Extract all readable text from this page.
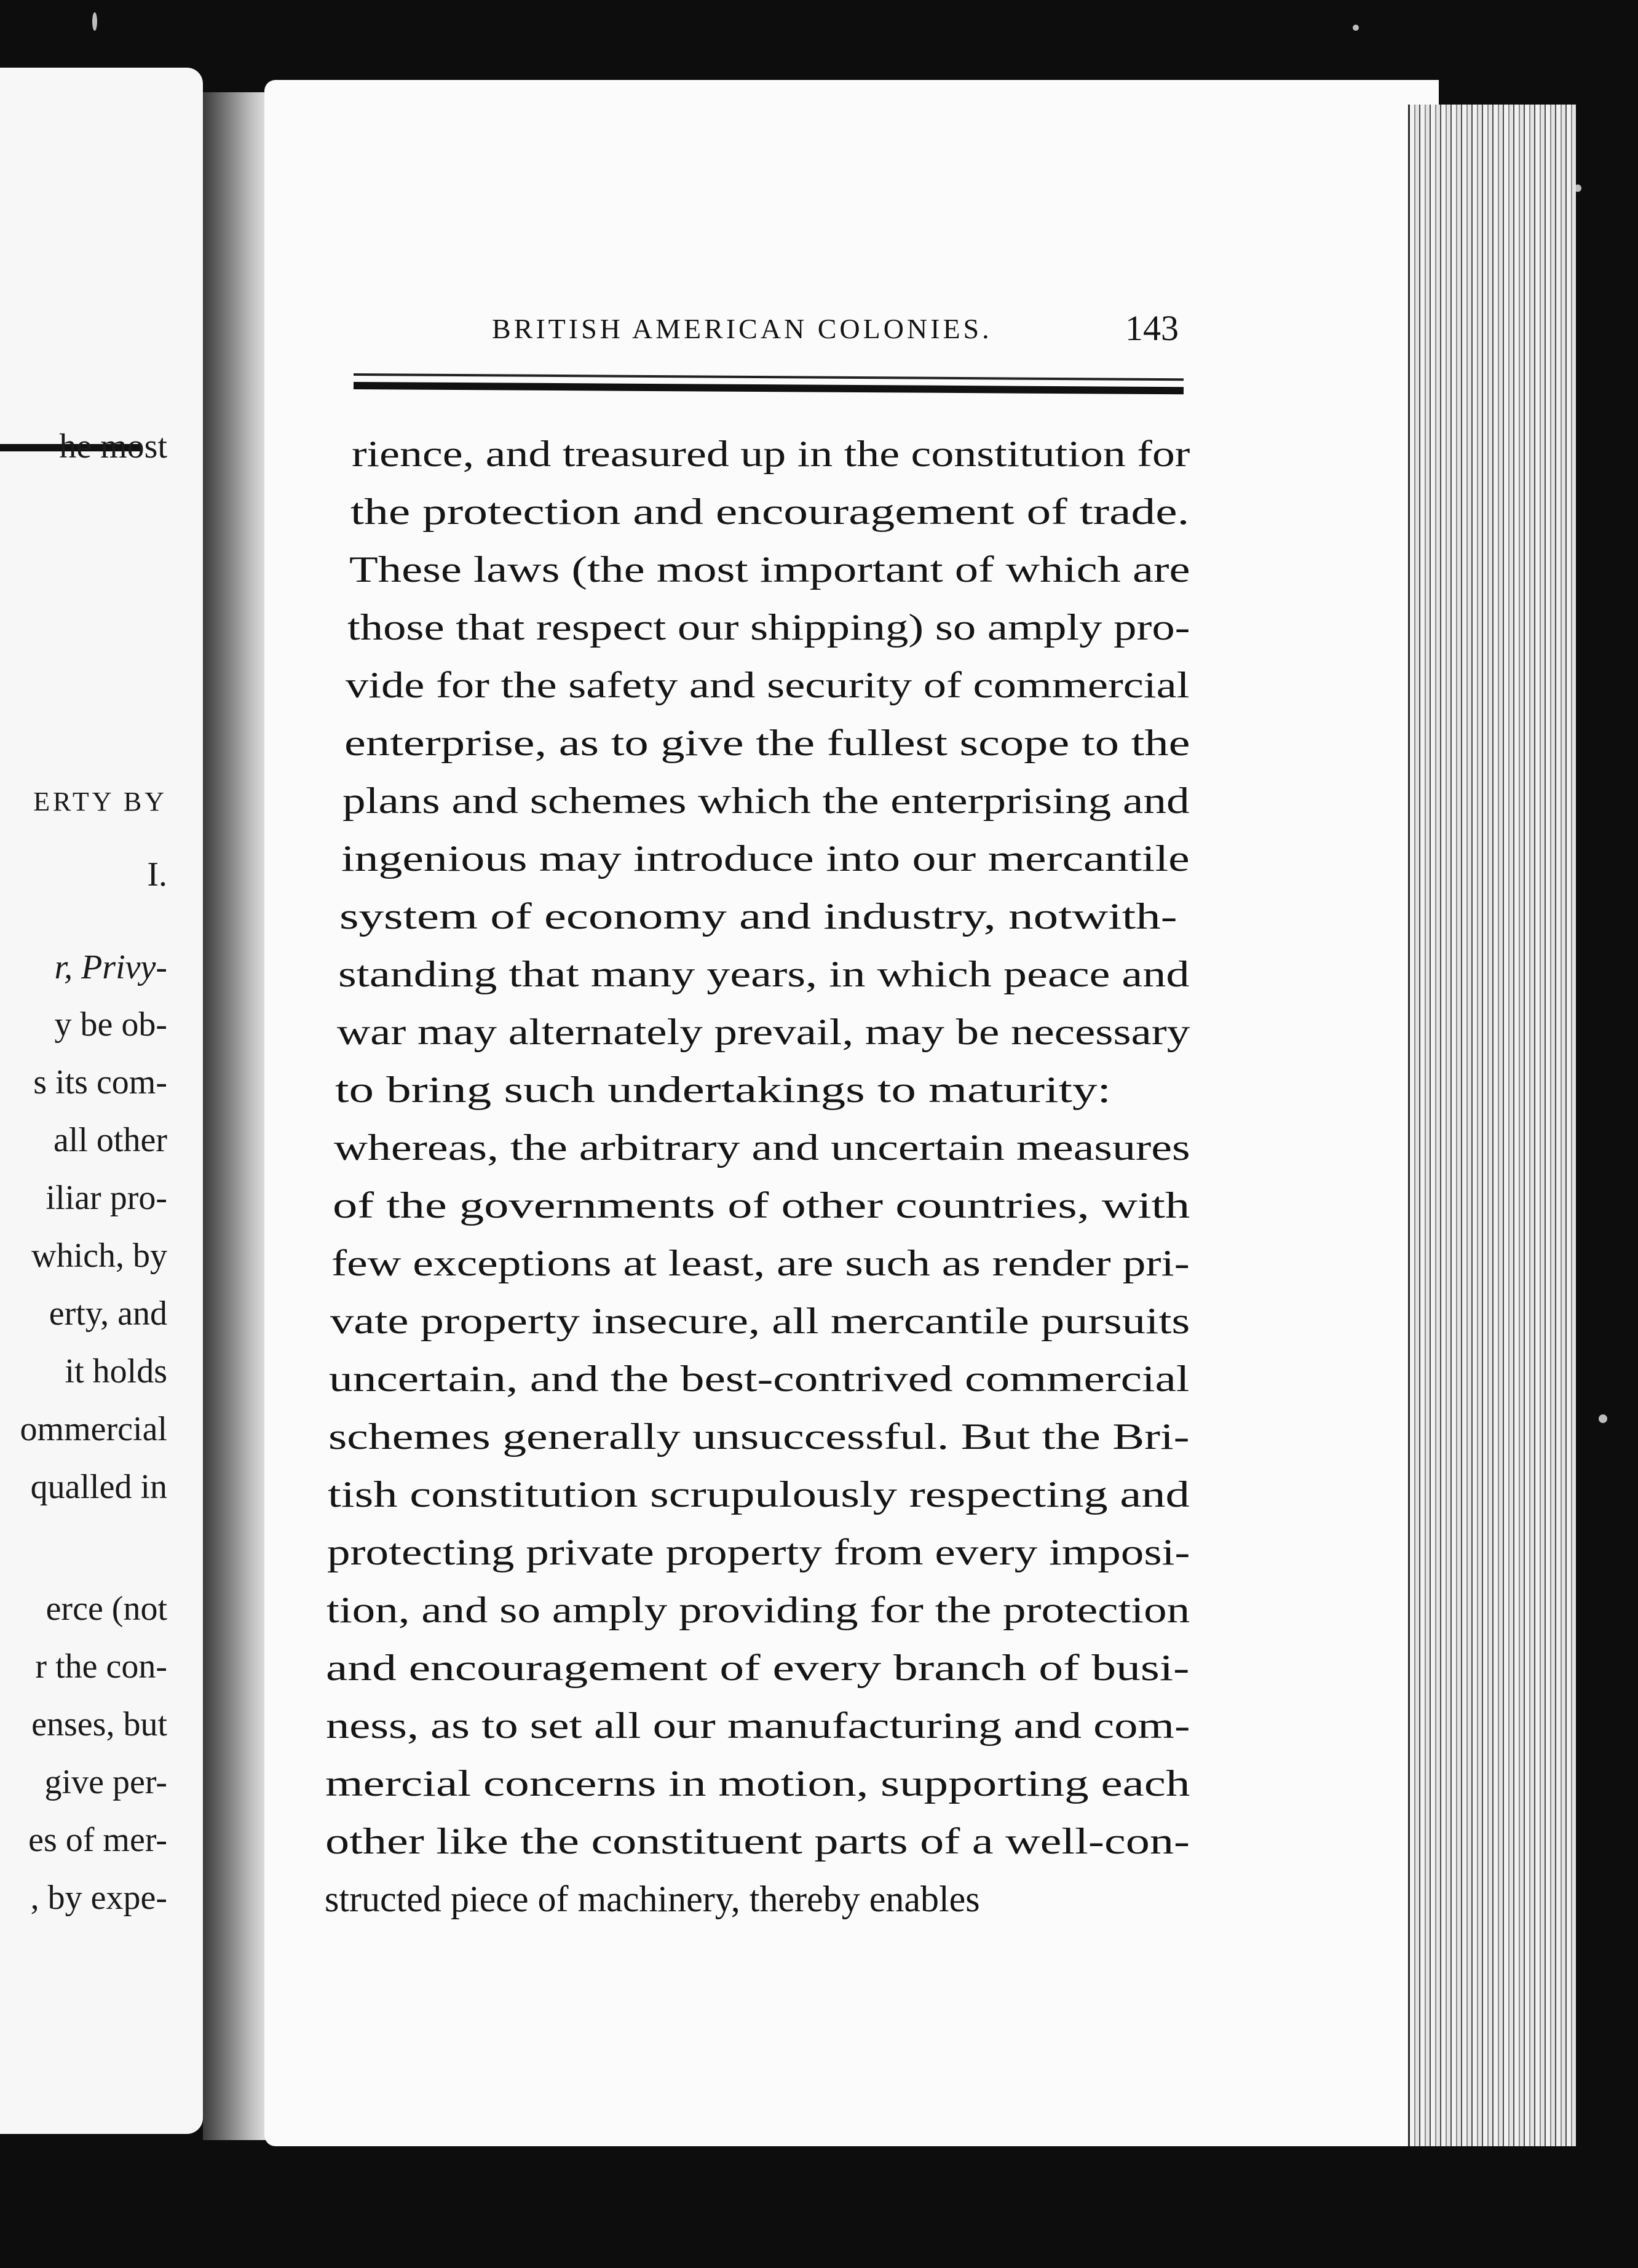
he most
ERTY BY
I.
r, Privy-
y be ob-
s its com-
all other
iliar pro-
which, by
erty, and
it holds
ommercial
qualled in
erce (not
r the con-
enses, but
give per-
es of mer-
, by expe-
BRITISH AMERICAN COLONIES.	143
rience, and treasured up in the constitution for
the protection and encouragement of trade.
These laws (the most important of which are
those that respect our shipping) so amply pro-
vide for the safety and security of commercial
enterprise, as to give the fullest scope to the
plans and schemes which the enterprising and
ingenious may introduce into our mercantile
system of economy and industry, notwith-
standing that many years, in which peace and
war may alternately prevail, may be necessary
to bring such undertakings to maturity:
whereas, the arbitrary and uncertain measures
of the governments of other countries, with
few exceptions at least, are such as render pri-
vate property insecure, all mercantile pursuits
uncertain, and the best-contrived commercial
schemes generally unsuccessful. But the Bri-
tish constitution scrupulously respecting and
protecting private property from every imposi-
tion, and so amply providing for the protection
and encouragement of every branch of busi-
ness, as to set all our manufacturing and com-
mercial concerns in motion, supporting each
other like the constituent parts of a well-con-
structed piece of machinery, thereby enables
